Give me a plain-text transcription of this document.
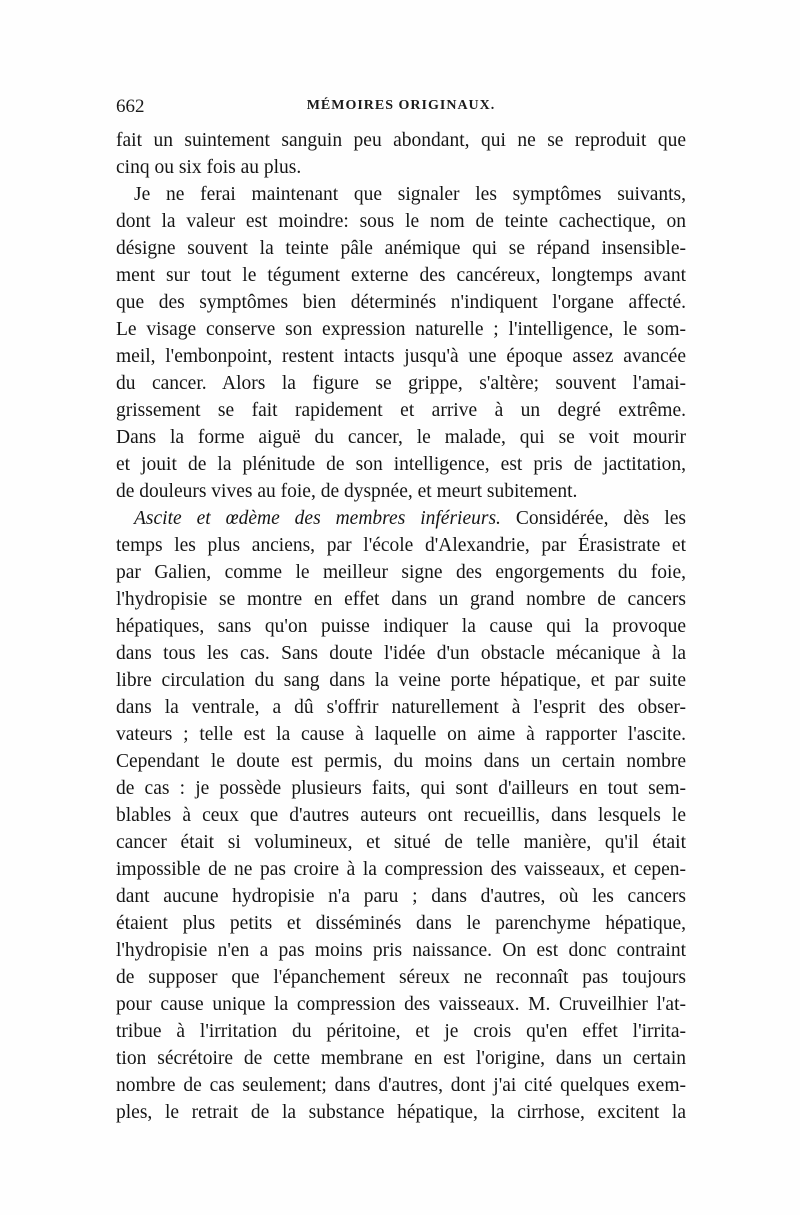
662	MÉMOIRES ORIGINAUX.
fait un suintement sanguin peu abondant, qui ne se reproduit que
cinq ou six fois au plus.
Je ne ferai maintenant que signaler les symptômes suivants,
dont la valeur est moindre: sous le nom de teinte cachectique, on
désigne souvent la teinte pâle anémique qui se répand insensible-
ment sur tout le tégument externe des cancéreux, longtemps avant
que des symptômes bien déterminés n'indiquent l'organe affecté.
Le visage conserve son expression naturelle ; l'intelligence, le som-
meil, l'embonpoint, restent intacts jusqu'à une époque assez avancée
du cancer. Alors la figure se grippe, s'altère; souvent l'amai-
grissement se fait rapidement et arrive à un degré extrême.
Dans la forme aiguë du cancer, le malade, qui se voit mourir
et jouit de la plénitude de son intelligence, est pris de jactitation,
de douleurs vives au foie, de dyspnée, et meurt subitement.
Ascite et œdème des membres inférieurs. Considérée, dès les
temps les plus anciens, par l'école d'Alexandrie, par Érasistrate et
par Galien, comme le meilleur signe des engorgements du foie,
l'hydropisie se montre en effet dans un grand nombre de cancers
hépatiques, sans qu'on puisse indiquer la cause qui la provoque
dans tous les cas. Sans doute l'idée d'un obstacle mécanique à la
libre circulation du sang dans la veine porte hépatique, et par suite
dans la ventrale, a dû s'offrir naturellement à l'esprit des obser-
vateurs ; telle est la cause à laquelle on aime à rapporter l'ascite.
Cependant le doute est permis, du moins dans un certain nombre
de cas : je possède plusieurs faits, qui sont d'ailleurs en tout sem-
blables à ceux que d'autres auteurs ont recueillis, dans lesquels le
cancer était si volumineux, et situé de telle manière, qu'il était
impossible de ne pas croire à la compression des vaisseaux, et cepen-
dant aucune hydropisie n'a paru ; dans d'autres, où les cancers
étaient plus petits et disséminés dans le parenchyme hépatique,
l'hydropisie n'en a pas moins pris naissance. On est donc contraint
de supposer que l'épanchement séreux ne reconnaît pas toujours
pour cause unique la compression des vaisseaux. M. Cruveilhier l'at-
tribue à l'irritation du péritoine, et je crois qu'en effet l'irrita-
tion sécrétoire de cette membrane en est l'origine, dans un certain
nombre de cas seulement; dans d'autres, dont j'ai cité quelques exem-
ples, le retrait de la substance hépatique, la cirrhose, excitent la
